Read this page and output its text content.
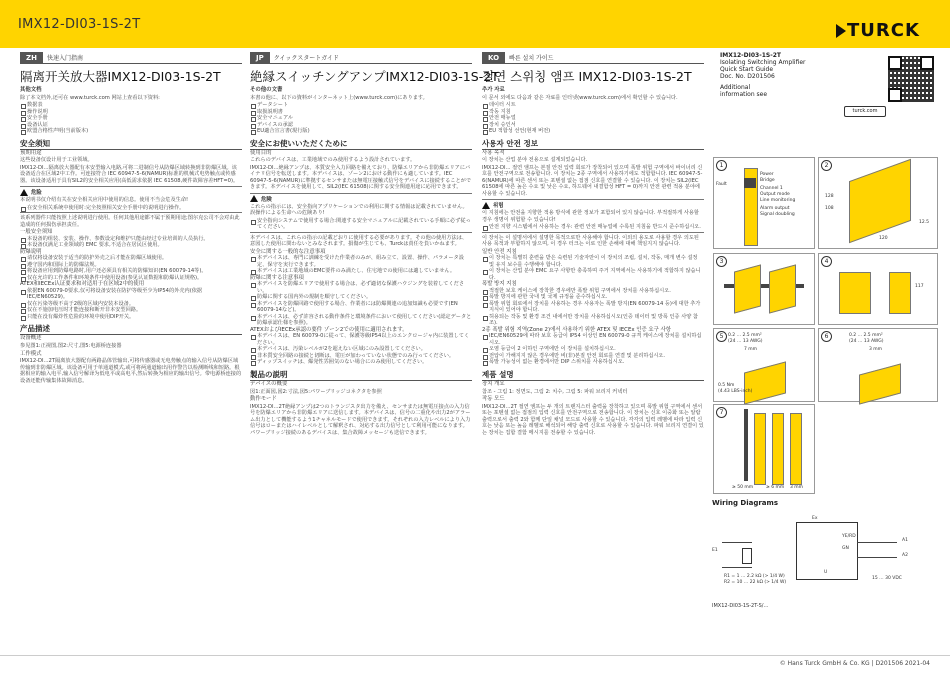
IMX12-DI03-1S-2T	TURCK
ZH	快速入门指南
隔离开关放大器IMX12-DI03-1S-2T
其他文档
除了本文档外,还可在 www.turck.com 网站上查看以下资料:
数据表
操作说明
安全手册
设备认证
欧盟合格性声明(当前版本)
安全须知
预期用途
这些设备仅设计用于工业领域。
IMX12-DI...隔离放大器配有本安型输入电路,可将二进制信号从防爆区域转换到非防爆区域。该设备适合在区域2中工作。可连接符合 IEC 60947-5-6(NAMUR)标准的机械式电势触点或传感器。该设备适用于具有SIL2的安全相关应用(高低需求依据 IEC 61508,硬件故障容差HFT=0)。
危险
本说明书仅介绍有关在安全相关应用中使用的信息。使用不当会危及生命!
在安全相关系统中使用时:完全按照相关安全手册中的说明进行操作。
该系列器件只能按照上述说明进行使用。任何其他用途都不属于预期用途;图尔克公司不会对由此造成的任何损伤承担责任。
一般安全须知
本设备的组装、安装、操作、参数设定和维护只能由经过专业培训的人员执行。
本设备仅满足工业领域的 EMC 要求,不适合在居民区使用。
防爆说明
请仅将设备安装于适当的防护外壳之后才能在防爆区域使用。
遵守国内和国际上的防爆法规。
将设备应用到防爆电路时,用户还必须具有相关的防爆知识(EN 60079-14等)。
仅在允许的工作条件和环境条件中使用设备(参见认证数据和防爆认证规格)。
ATEX和IECEx认证要求和对适用于在区域2中的使用
依据EN 60079-0要求,仅可将设备安装在防护等级至少为IP54的外壳内(依据IEC/EN60529)。
仅在污染等级不高于2级的区域内安装本设备。
仅在不施加电压时才能连接和断开非本安型回路。
只能在没有爆炸性危险的环境中使用DIP开关。
产品描述
设备概述
参见图1:正视图,图2:尺寸,图5:电源桥连接器
工作模式
IMX12-DI...2T隔离放大器配有两路晶体管输出,可将传感器或无电势触点的输入信号从防爆区域传输到非防爆区域。该设备可用于单通道模式,或可将两通道输出用作警告以检测断线和短路。根据相应的输入电平,输入信号解译为低电平或高电平,然后转换为相应的输出信号。带电源桥连接的设备还能传输集体故障消息。
JP	クイックスタートガイド
絶縁スイッチングアンプIMX12-DI03-1S-2T
その他の文書
本書の他に、以下の資料がインターネット上(www.turck.com)にあります。
データシート
取扱説明書
安全マニュアル
デバイスの承認
EU適合宣言書(現行版)
安全にお使いいただくために
使用目的
これらのデバイスは、工業地域でのみ使用するよう設計されています。
IMX12-DI...絶縁アンプは、本質安全入力回路を備えており、防爆エリアから非防爆エリアにバイナリ信号を転送します。本デバイスは、ゾーン2における動作にも適しています。IEC 60947-5-6(NAMUR)に準拠するセンサまたは無電圧接触式信号をデバイスに接続することができます。本デバイスを使用して、SIL2(IEC 61508)に関する安全関連用途に応用できます。
危険
これらの指示には、安全指向アプリケーションでの利用に関する情報は記載されていません。誤操作による生命への危険あり!
安全指向システムで使用する場合:関連する安全マニュアルに記載されている手順に必ず従ってください。
本デバイスは、これらの指示の記載どおりに使用する必要があります。その他の使用方法は、意図した使用に問わないとみなされます。損傷が生じても、Turckは責任を負いかねます。
安全に関する一般的な注意事項
本デバイスは、専門に訓練を受けた作業者のみが、組み立て、設置、操作、パラメータ設定、保守を実行できます。
本デバイスは工業地域のEMC要件のみ満たし、住宅地での使用には適していません。
防爆に関する注意事項
本デバイスを防爆エリアで使用する場合は、必ず適切な保護ハウジングを装着してください。
防爆に関する国内外の規制を順守してください。
本デバイスを防爆回路で使用する場合、作業者には防爆関連の追加知識も必要です(EN 60079-14など)。
本デバイスは、必ず許容される動作条件と環境条件において使用してください(認定データと防爆承認仕様を参照)。
ATEXおよびIECEx承認の要件 ゾーン2での使用に適用されます。
本デバイスは、EN 60079-0に従って、保護等級IP54以上のエンクロージャ内に装置してください。
本デバイスは、汚染レベルが2を超えない区域にのみ設置してください。
非本質安全回路の接続と切断は、電圧が加わっていない状態でのみ行ってください。
ディップスイッチは、爆発性雰囲気のない場合にのみ使用してください。
製品の説明
デバイスの概要
図1:正面図,図2:寸法,図5:パワーブリッジコネクタを参照
動作モード
IMX12-DI...2T絶縁アンプは2つのトランジスタ出力を備え、センサまたは無電圧接点の入力信号を防爆エリアから非防爆エリアに送信します。本デバイスは、信号の二重化や出力2がアラーム出力として機能するよう1チャネルモードで使用できます。それぞれの入力レベルにより入力信号はローまたはハイレベルとして解釈され、対応する出力信号として利用可能になります。パワーブリッジ接続のあるデバイスは、集合故障メッセージも送信できます。
KO	빠른 설치 가이드
절연 스위칭 앰프 IMX12-DI03-1S-2T
추가 자료
이 문서 외에도 다음과 같은 자료를 인터넷(www.turck.com)에서 확인할 수 있습니다.
데이터 시트
작동 지침
안전 매뉴얼
장치 승인서
EU 적합성 선언(현재 버전)
사용자 안전 정보
사용 목적
이 장치는 산업 분야 전용으로 설계되었습니다.
IMX12-DI... 절연 앰프는 본질 안전 입력 회로가 장착되어 있으며 폭발 위험 구역에서 바이너리 신호를 안전구역으로 전송합니다. 이 장치는 2종 구역에서 사용하기에도 적합합니다. IEC 60947-5-6(NAMUR)에 따른 센서 또는 포텐셜 없는 접점 신호를 연결할 수 있습니다. 이 장치는 SIL2(IEC 61508에 따른 높은 수요 및 낮은 수요, 하드웨어 내결함성 HFT = 0)까지 안전 관련 적용 분야에 사용할 수 있습니다.
위험
이 지침에는 안전을 지향한 적용 방식에 관한 정보가 포함되어 있지 않습니다. 부적절하게 사용할 경우 생명이 위험할 수 있습니다!
안전 지향 시스템에서 사용하는 경우: 관련 안전 매뉴얼에 수록된 지침을 반드시 준수하십시오.
이 장치는 이 설명서에서 설명한 목적으로만 사용해야 합니다. 이외의 용도로 사용할 경우 의도된 사용 목적과 부합하지 않으며, 이 경우 터크는 이로 인한 손해에 대해 책임지지 않습니다.
일반 안전 지침
이 장치는 특별히 훈련을 받은 숙련된 기술자만이 이 장치의 조립, 설치, 작동, 매개 변수 설정 및 유지 보수를 수행해야 합니다.
이 장치는 산업 분야 EMC 요구 사항만 충족하며 주거 지역에서는 사용하기에 적합하지 않습니다.
폭발 방지 지침
적절한 보호 케이스에 장착한 경우에만 폭발 위험 구역에서 장치를 사용하십시오.
폭발 방지에 관한 국내 및 국제 규정을 준수하십시오.
폭발 위험 회로에서 장치를 사용하는 경우 사용자는 폭발 방지(EN 60079-14 등)에 대한 추가 지식이 있어야 합니다.
허용되는 작동 및 환경 조건 내에서만 장치를 사용하십시오(인증 데이터 및 방폭 인증 사양 참조).
2종 폭발 위험 지역(Zone 2)에서 사용하기 위한 ATEX 및 IECEx 인증 요구 사항
IEC/EN60529에 따라 보호 등급이 IP54 이상인 EN 60079-0 규격 케이스에 장치를 설치하십시오.
오염 등급이 2 이하인 구역에만 이 장치를 설치하십시오.
전압이 가해지지 않은 경우에만 비(非)본질 안전 회로를 연결 및 분리하십시오.
폭발 가능성이 없는 환경에서만 DIP 스위치를 사용하십시오.
제품 설명
장치 개요
참조 - 그림 1: 정면도, 그림 2: 치수, 그림 5: 파워 브리지 커넥터
작동 모드
IMX12-DI...2T 절연 앰프는 두 개의 트랜지스터 출력을 장착하고 있으며 폭발 위험 구역에서 센서 또는 포텐셜 없는 접점의 입력 신호를 안전구역으로 전송합니다. 이 장치는 신호 이중화 또는 알람 출력으로서 출력 2와 함께 단일 채널 모드로 사용할 수 있습니다. 각각의 입력 레벨에 따라 입력 신호는 낮음 또는 높음 레벨로 해석되어 해당 출력 신호로 사용할 수 있습니다. 파워 브리지 연결이 있는 장치는 집합 결함 메시지를 전송할 수 있습니다.
IMX12-DI03-1S-2T
Isolating Switching Amplifier
Quick Start Guide
Doc. No. D201506
Additional
information see
turck.com
1
Fault
Power
Bridge
Channel 1
Output mode
Line monitoring
Alarm output
Signal doubling
2
128
108
120
12.5
3	4
117
5	0.2 … 2.5 mm²
(24 … 13 AWG)
7 mm
0.5 Nm
(4.43 LBS-inch)
6	0.2 … 2.5 mm²
(24 … 13 AWG)
3 mm
7
≥ 50 mm	≥ 6 mm 3 mm
Wiring Diagrams
E1
R1 = 1 … 2.2 kΩ (> 1/4 W)
R2 = 10 … 22 kΩ (> 1/4 W)
Ex
YE/RD
GN
U
A1
A2
15 … 30 VDC
IMX12-DI03-1S-2T-S/…
© Hans Turck GmbH & Co. KG | D201506 2021-04
